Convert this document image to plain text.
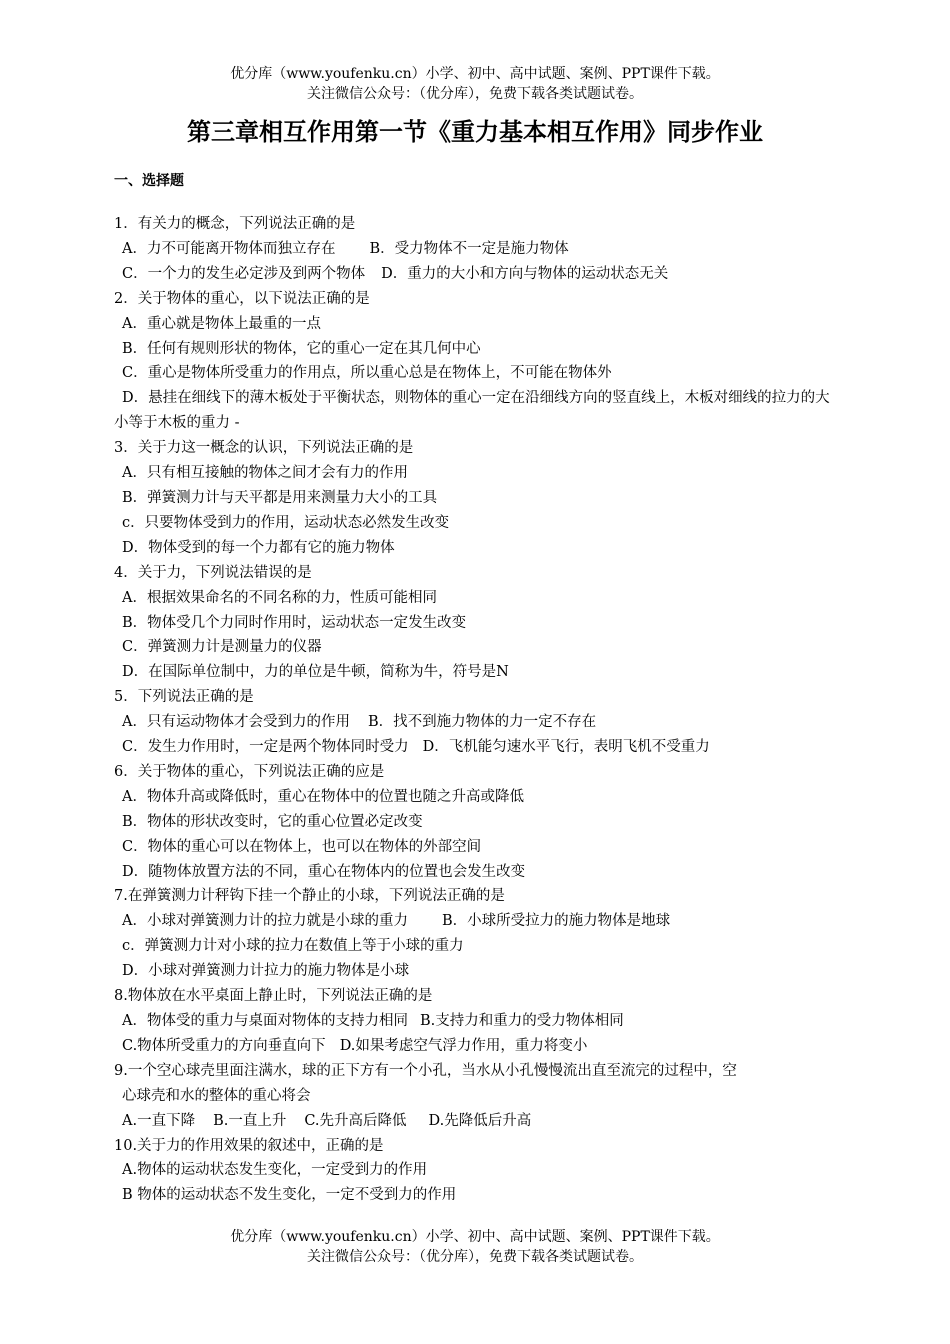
优分库（www.youfenku.cn）小学、初中、高中试题、案例、PPT课件下载。
关注微信公众号：（优分库），免费下载各类试题试卷。
第三章相互作用第一节《重力基本相互作用》同步作业
一、选择题
1．有关力的概念，下列说法正确的是
A．力不可能离开物体而独立存在 B．受力物体不一定是施力物体
C．一个力的发生必定涉及到两个物体 D．重力的大小和方向与物体的运动状态无关
2．关于物体的重心，以下说法正确的是
A．重心就是物体上最重的一点
B．任何有规则形状的物体，它的重心一定在其几何中心
C．重心是物体所受重力的作用点，所以重心总是在物体上，不可能在物体外
D．悬挂在细线下的薄木板处于平衡状态，则物体的重心一定在沿细线方向的竖直线上，木板对细线的拉力的大小等于木板的重力 -
3．关于力这一概念的认识，下列说法正确的是
A．只有相互接触的物体之间才会有力的作用
B．弹簧测力计与天平都是用来测量力大小的工具
c．只要物体受到力的作用，运动状态必然发生改变
D．物体受到的每一个力都有它的施力物体
4．关于力，下列说法错误的是
A．根据效果命名的不同名称的力，性质可能相同
B．物体受几个力同时作用时，运动状态一定发生改变
C．弹簧测力计是测量力的仪器
D．在国际单位制中，力的单位是牛顿，简称为牛，符号是N
5．下列说法正确的是
A．只有运动物体才会受到力的作用 B．找不到施力物体的力一定不存在
C．发生力作用时，一定是两个物体同时受力 D．飞机能匀速水平飞行，表明飞机不受重力
6．关于物体的重心，下列说法正确的应是
A．物体升高或降低时，重心在物体中的位置也随之升高或降低
B．物体的形状改变时，它的重心位置必定改变
C．物体的重心可以在物体上，也可以在物体的外部空间
D．随物体放置方法的不同，重心在物体内的位置也会发生改变
7.在弹簧测力计秤钩下挂一个静止的小球，下列说法正确的是
A．小球对弹簧测力计的拉力就是小球的重力 B．小球所受拉力的施力物体是地球
c．弹簧测力计对小球的拉力在数值上等于小球的重力
D．小球对弹簧测力计拉力的施力物体是小球
8.物体放在水平桌面上静止时，下列说法正确的是
A．物体受的重力与桌面对物体的支持力相同 B.支持力和重力的受力物体相同
C.物体所受重力的方向垂直向下 D.如果考虑空气浮力作用，重力将变小
9.一个空心球壳里面注满水，球的正下方有一个小孔，当水从小孔慢慢流出直至流完的过程中，空
心球壳和水的整体的重心将会
A.一直下降 B.一直上升 C.先升高后降低 D.先降低后升高
10.关于力的作用效果的叙述中，正确的是
A.物体的运动状态发生变化，一定受到力的作用
B 物体的运动状态不发生变化，一定不受到力的作用
优分库（www.youfenku.cn）小学、初中、高中试题、案例、PPT课件下载。
关注微信公众号：（优分库），免费下载各类试题试卷。
